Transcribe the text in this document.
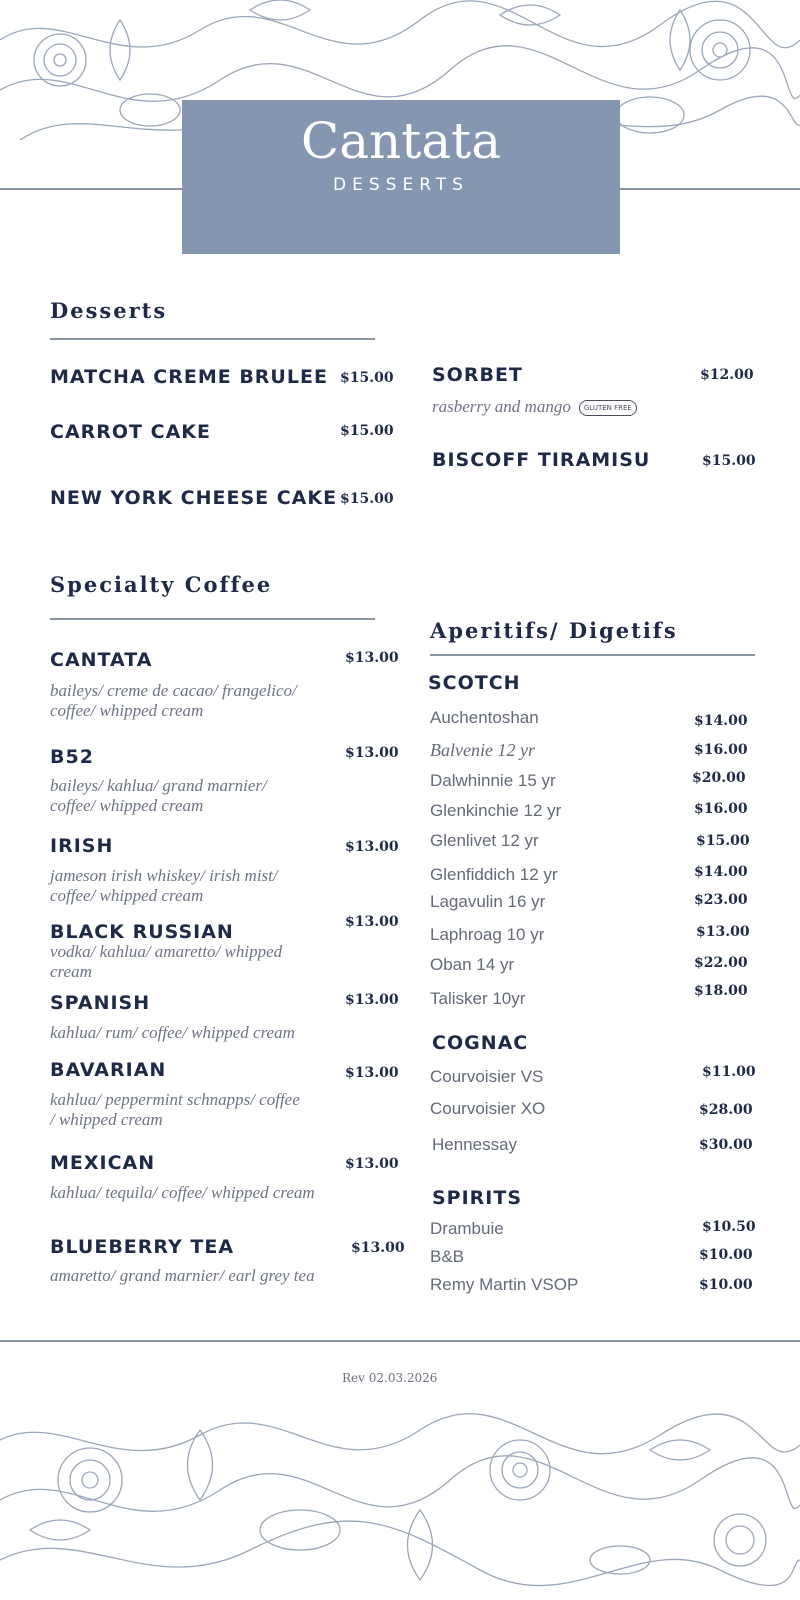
Cantata
DESSERTS
Desserts
MATCHA CREME BRULEE $15.00
CARROT CAKE	$15.00
NEW YORK CHEESE CAKE $15.00
SORBET	$12.00
rasberry and mango GLUTEN FREE
BISCOFF TIRAMISU	$15.00
Specialty Coffee
CANTATA	$13.00
baileys/ creme de cacao/ frangelico/ coffee/ whipped cream
B52	$13.00
baileys/ kahlua/ grand marnier/ coffee/ whipped cream
IRISH	$13.00
jameson irish whiskey/ irish mist/ coffee/ whipped cream
BLACK RUSSIAN	$13.00
vodka/ kahlua/ amaretto/ whipped cream
SPANISH	$13.00
kahlua/ rum/ coffee/ whipped cream
BAVARIAN	$13.00
kahlua/ peppermint schnapps/ coffee / whipped cream
MEXICAN	$13.00
kahlua/ tequila/ coffee/ whipped cream
BLUEBERRY TEA	$13.00
amaretto/ grand marnier/ earl grey tea
Aperitifs/ Digetifs
SCOTCH
Auchentoshan	$14.00
Balvenie 12 yr	$16.00
Dalwhinnie 15 yr	$20.00
Glenkinchie 12 yr	$16.00
Glenlivet 12 yr	$15.00
Glenfiddich 12 yr	$14.00
Lagavulin 16 yr	$23.00
Laphroag 10 yr	$13.00
Oban 14 yr	$22.00
Talisker 10yr	$18.00
COGNAC
Courvoisier VS	$11.00
Courvoisier XO	$28.00
Hennessay	$30.00
SPIRITS
Drambuie	$10.50
B&B	$10.00
Remy Martin VSOP	$10.00
Rev 02.03.2026
